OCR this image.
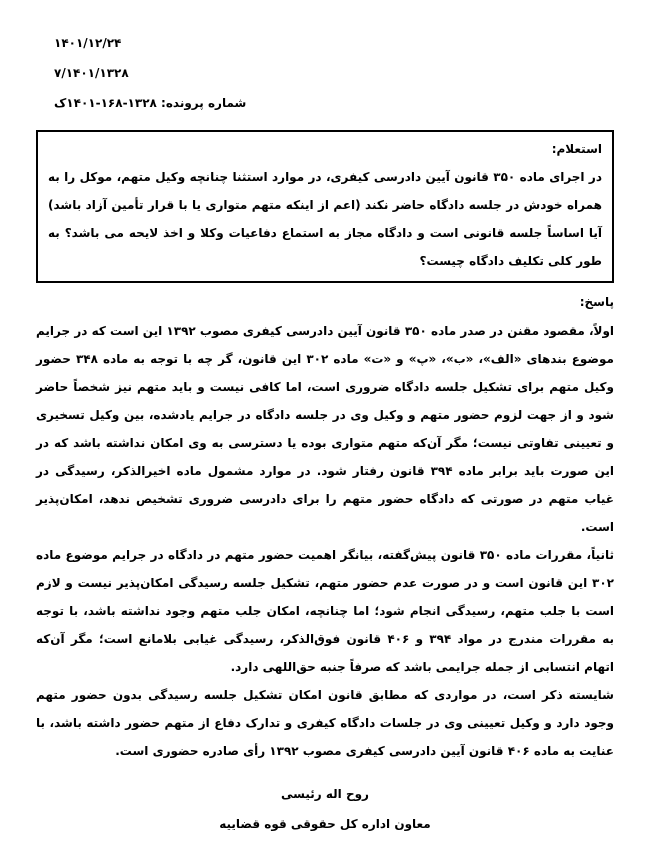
۱۴۰۱/۱۲/۲۴
۷/۱۴۰۱/۱۳۲۸
شماره پرونده: ۱۳۲۸-۱۶۸-۱۴۰۱ک
استعلام:
در اجرای ماده ۳۵۰ قانون آیین دادرسی کیفری، در موارد استثنا چنانچه وکیل متهم، موکل را به همراه خودش در جلسه دادگاه حاضر نکند (اعم از اینکه متهم متواری یا با قرار تأمین آزاد باشد) آیا اساساً جلسه قانونی است و دادگاه مجاز به استماع دفاعیات وکلا و اخذ لایحه می باشد؟ به طور کلی تکلیف دادگاه چیست؟
پاسخ:
اولاً، مقصود مقنن در صدر ماده ۳۵۰ قانون آیین دادرسی کیفری مصوب ۱۳۹۲ این است که در جرایم موضوع بندهای «الف»، «ب»، «پ» و «ت» ماده ۳۰۲ این قانون، گر چه با توجه به ماده ۳۴۸ حضور وکیل متهم برای تشکیل جلسه دادگاه ضروری است، اما کافی نیست و باید متهم نیز شخصاً حاضر شود و از جهت لزوم حضور متهم و وکیل وی در جلسه دادگاه در جرایم یادشده، بین وکیل تسخیری و تعیینی تفاوتی نیست؛ مگر آن‌که متهم متواری بوده یا دسترسی به وی امکان نداشته باشد که در این صورت باید برابر ماده ۳۹۴ قانون رفتار شود. در موارد مشمول ماده اخیرالذکر، رسیدگی در غیاب متهم در صورتی که دادگاه حضور متهم را برای دادرسی ضروری تشخیص ندهد، امکان‌پذیر است.
ثانیاً، مقررات ماده ۳۵۰ قانون پیش‌گفته، بیانگر اهمیت حضور متهم در دادگاه در جرایم موضوع ماده ۳۰۲ این قانون است و در صورت عدم حضور متهم، تشکیل جلسه رسیدگی امکان‌پذیر نیست و لازم است با جلب متهم، رسیدگی انجام شود؛ اما چنانچه، امکان جلب متهم وجود نداشته باشد، با توجه به مقررات مندرج در مواد ۳۹۴ و ۴۰۶ قانون فوق‌الذکر، رسیدگی غیابی بلامانع است؛ مگر آن‌که اتهام انتسابی از جمله جرایمی باشد که صرفاً جنبه حق‌اللهی دارد.
شایسته ذکر است، در مواردی که مطابق قانون امکان تشکیل جلسه رسیدگی بدون حضور متهم وجود دارد و وکیل تعیینی وی در جلسات دادگاه کیفری و تدارک دفاع از متهم حضور داشته باشد، با عنایت به ماده ۴۰۶ قانون آیین دادرسی کیفری مصوب ۱۳۹۲ رأی صادره حضوری است.
روح اله رئیسی
معاون اداره کل حقوقی قوه قضاییه
